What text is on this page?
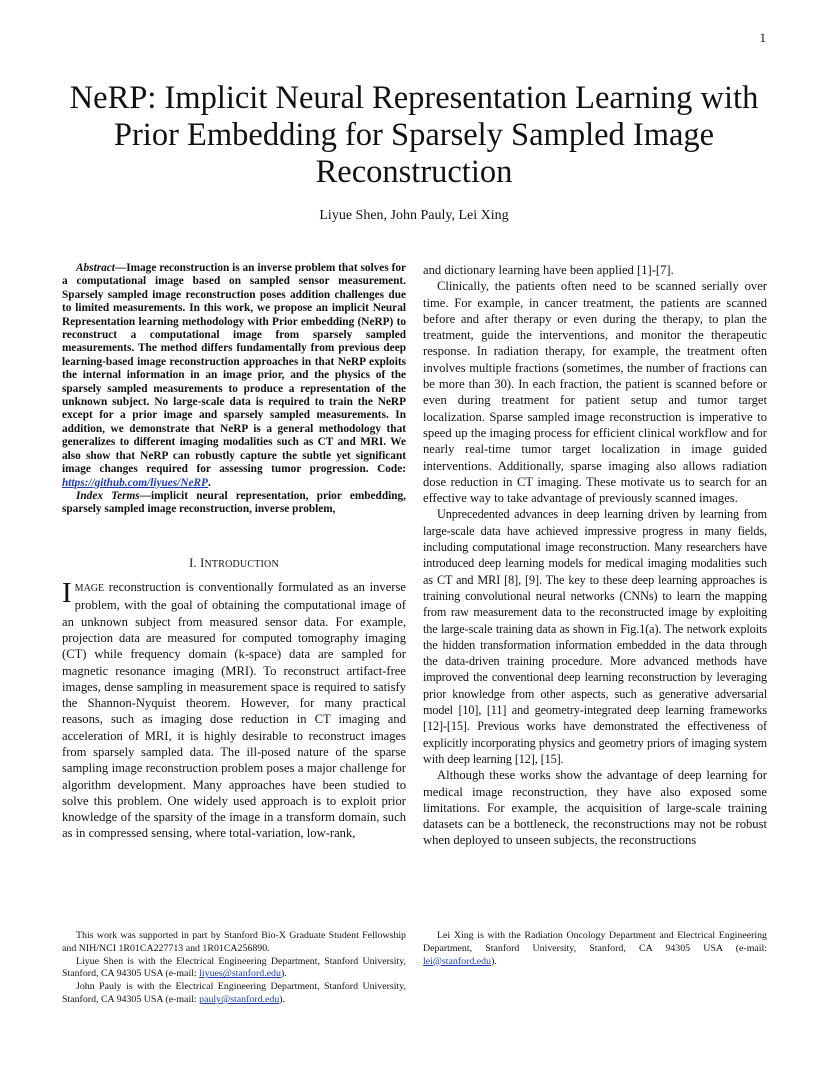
1
NeRP: Implicit Neural Representation Learning with Prior Embedding for Sparsely Sampled Image Reconstruction
Liyue Shen, John Pauly, Lei Xing

Abstract—Image reconstruction is an inverse problem that solves for a computational image based on sampled sensor measurement. Sparsely sampled image reconstruction poses addition challenges due to limited measurements. In this work, we propose an implicit Neural Representation learning methodology with Prior embedding (NeRP) to reconstruct a computational image from sparsely sampled measurements. The method differs fundamentally from previous deep learning-based image reconstruction approaches in that NeRP exploits the internal information in an image prior, and the physics of the sparsely sampled measurements to produce a representation of the unknown subject. No large-scale data is required to train the NeRP except for a prior image and sparsely sampled measurements. In addition, we demonstrate that NeRP is a general methodology that generalizes to different imaging modalities such as CT and MRI. We also show that NeRP can robustly capture the subtle yet significant image changes required for assessing tumor progression. Code: https://github.com/liyues/NeRP.

Index Terms—implicit neural representation, prior embedding, sparsely sampled image reconstruction, inverse problem,

I. INTRODUCTION

IMAGE reconstruction is conventionally formulated as an inverse problem, with the goal of obtaining the computational image of an unknown subject from measured sensor data. For example, projection data are measured for computed tomography imaging (CT) while frequency domain (k-space) data are sampled for magnetic resonance imaging (MRI). To reconstruct artifact-free images, dense sampling in measurement space is required to satisfy the Shannon-Nyquist theorem. However, for many practical reasons, such as imaging dose reduction in CT imaging and acceleration of MRI, it is highly desirable to reconstruct images from sparsely sampled data. The ill-posed nature of the sparse sampling image reconstruction problem poses a major challenge for algorithm development. Many approaches have been studied to solve this problem. One widely used approach is to exploit prior knowledge of the sparsity of the image in a transform domain, such as in compressed sensing, where total-variation, low-rank,

and dictionary learning have been applied [1]-[7].

Clinically, the patients often need to be scanned serially over time. For example, in cancer treatment, the patients are scanned before and after therapy or even during the therapy, to plan the treatment, guide the interventions, and monitor the therapeutic response. In radiation therapy, for example, the treatment often involves multiple fractions (sometimes, the number of fractions can be more than 30). In each fraction, the patient is scanned before or even during treatment for patient setup and tumor target localization. Sparse sampled image reconstruction is imperative to speed up the imaging process for efficient clinical workflow and for nearly real-time tumor target localization in image guided interventions. Additionally, sparse imaging also allows radiation dose reduction in CT imaging. These motivate us to search for an effective way to take advantage of previously scanned images.

Unprecedented advances in deep learning driven by learning from large-scale data have achieved impressive progress in many fields, including computational image reconstruction. Many researchers have introduced deep learning models for medical imaging modalities such as CT and MRI [8], [9]. The key to these deep learning approaches is training convolutional neural networks (CNNs) to learn the mapping from raw measurement data to the reconstructed image by exploiting the large-scale training data as shown in Fig.1(a). The network exploits the hidden transformation information embedded in the data through the data-driven training procedure. More advanced methods have improved the conventional deep learning reconstruction by leveraging prior knowledge from other aspects, such as generative adversarial model [10], [11] and geometry-integrated deep learning frameworks [12]-[15]. Previous works have demonstrated the effectiveness of explicitly incorporating physics and geometry priors of imaging system with deep learning [12], [15].

Although these works show the advantage of deep learning for medical image reconstruction, they have also exposed some limitations. For example, the acquisition of large-scale training datasets can be a bottleneck, the reconstructions may not be robust when deployed to unseen subjects, the reconstructions

This work was supported in part by Stanford Bio-X Graduate Student Fellowship and NIH/NCI 1R01CA227713 and 1R01CA256890.

Liyue Shen is with the Electrical Engineering Department, Stanford University, Stanford, CA 94305 USA (e-mail: liyues@stanford.edu).

John Pauly is with the Electrical Engineering Department, Stanford University, Stanford, CA 94305 USA (e-mail: pauly@stanford.edu).

Lei Xing is with the Radiation Oncology Department and Electrical Engineering Department, Stanford University, Stanford, CA 94305 USA (e-mail: lei@stanford.edu).
